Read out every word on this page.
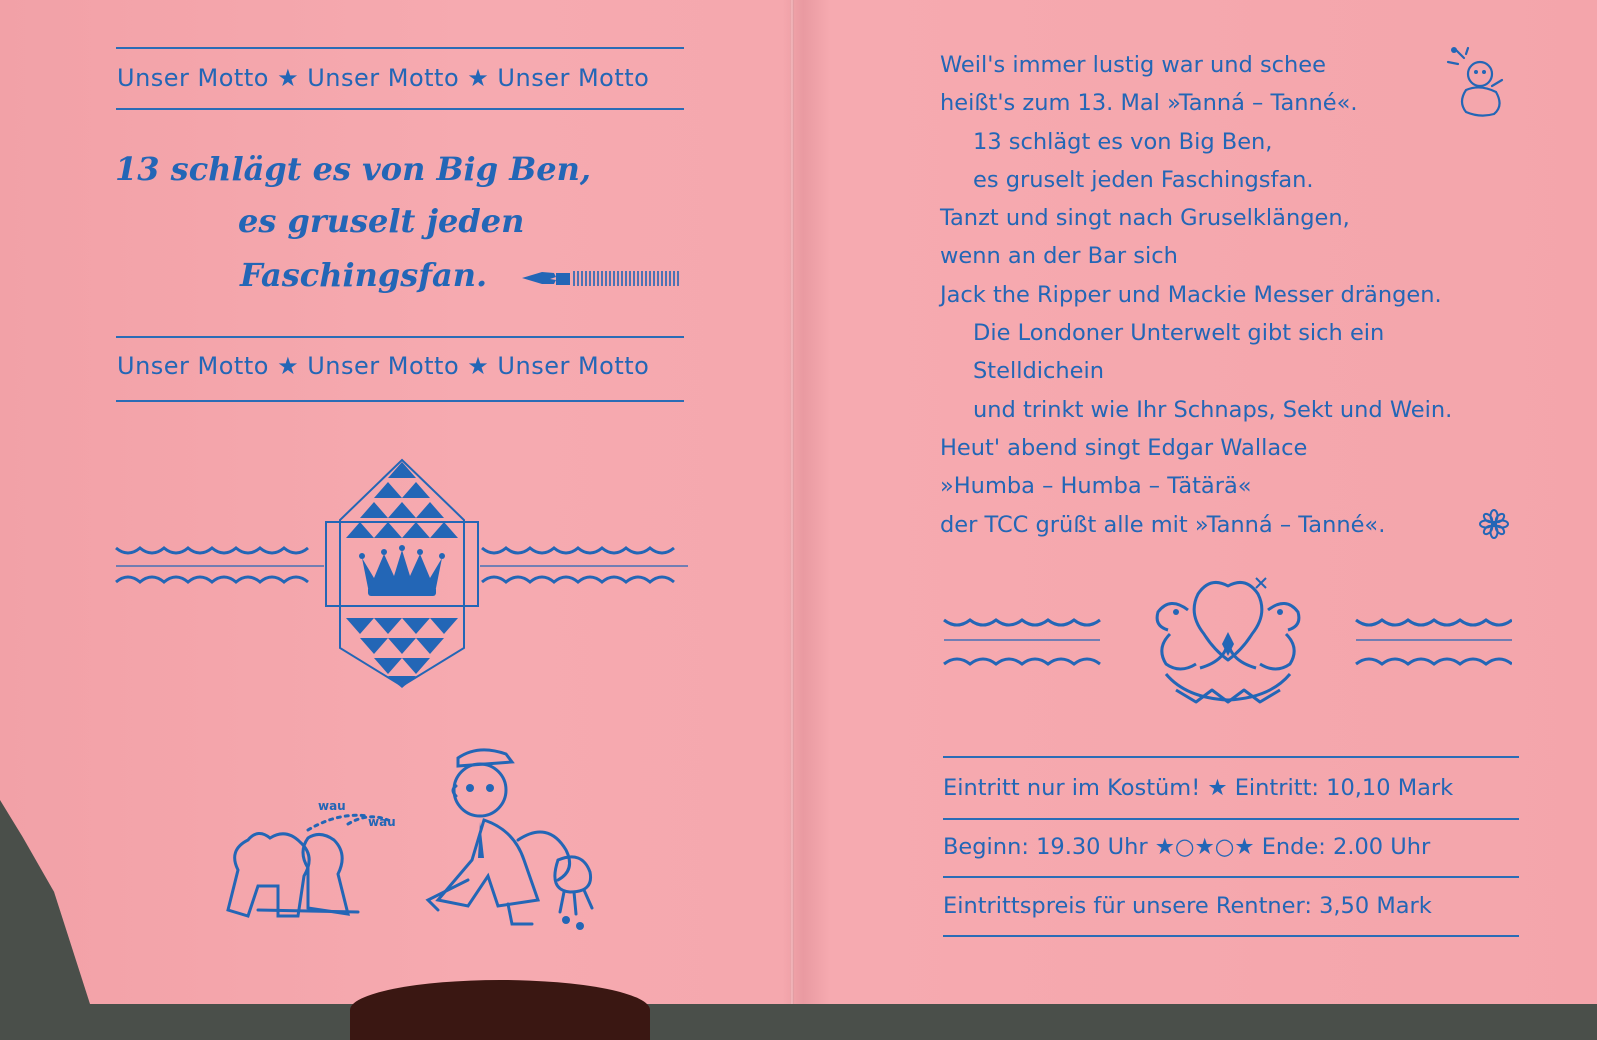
Unser Motto ★ Unser Motto ★ Unser Motto
13 schlägt es von Big Ben,
es gruselt jeden
Faschingsfan.
Unser Motto ★ Unser Motto ★ Unser Motto
wau
wau
Weil's immer lustig war und schee
heißt's zum 13. Mal »Tanná – Tanné«.
13 schlägt es von Big Ben,
es gruselt jeden Faschingsfan.
Tanzt und singt nach Gruselklängen,
wenn an der Bar sich
Jack the Ripper und Mackie Messer drängen.
Die Londoner Unterwelt gibt sich ein
Stelldichein
und trinkt wie Ihr Schnaps, Sekt und Wein.
Heut' abend singt Edgar Wallace
»Humba – Humba – Tätärä«
der TCC grüßt alle mit »Tanná – Tanné«.
Eintritt nur im Kostüm! ★ Eintritt: 10,10 Mark
Beginn: 19.30 Uhr ★○★○★ Ende: 2.00 Uhr
Eintrittspreis für unsere Rentner: 3,50 Mark
